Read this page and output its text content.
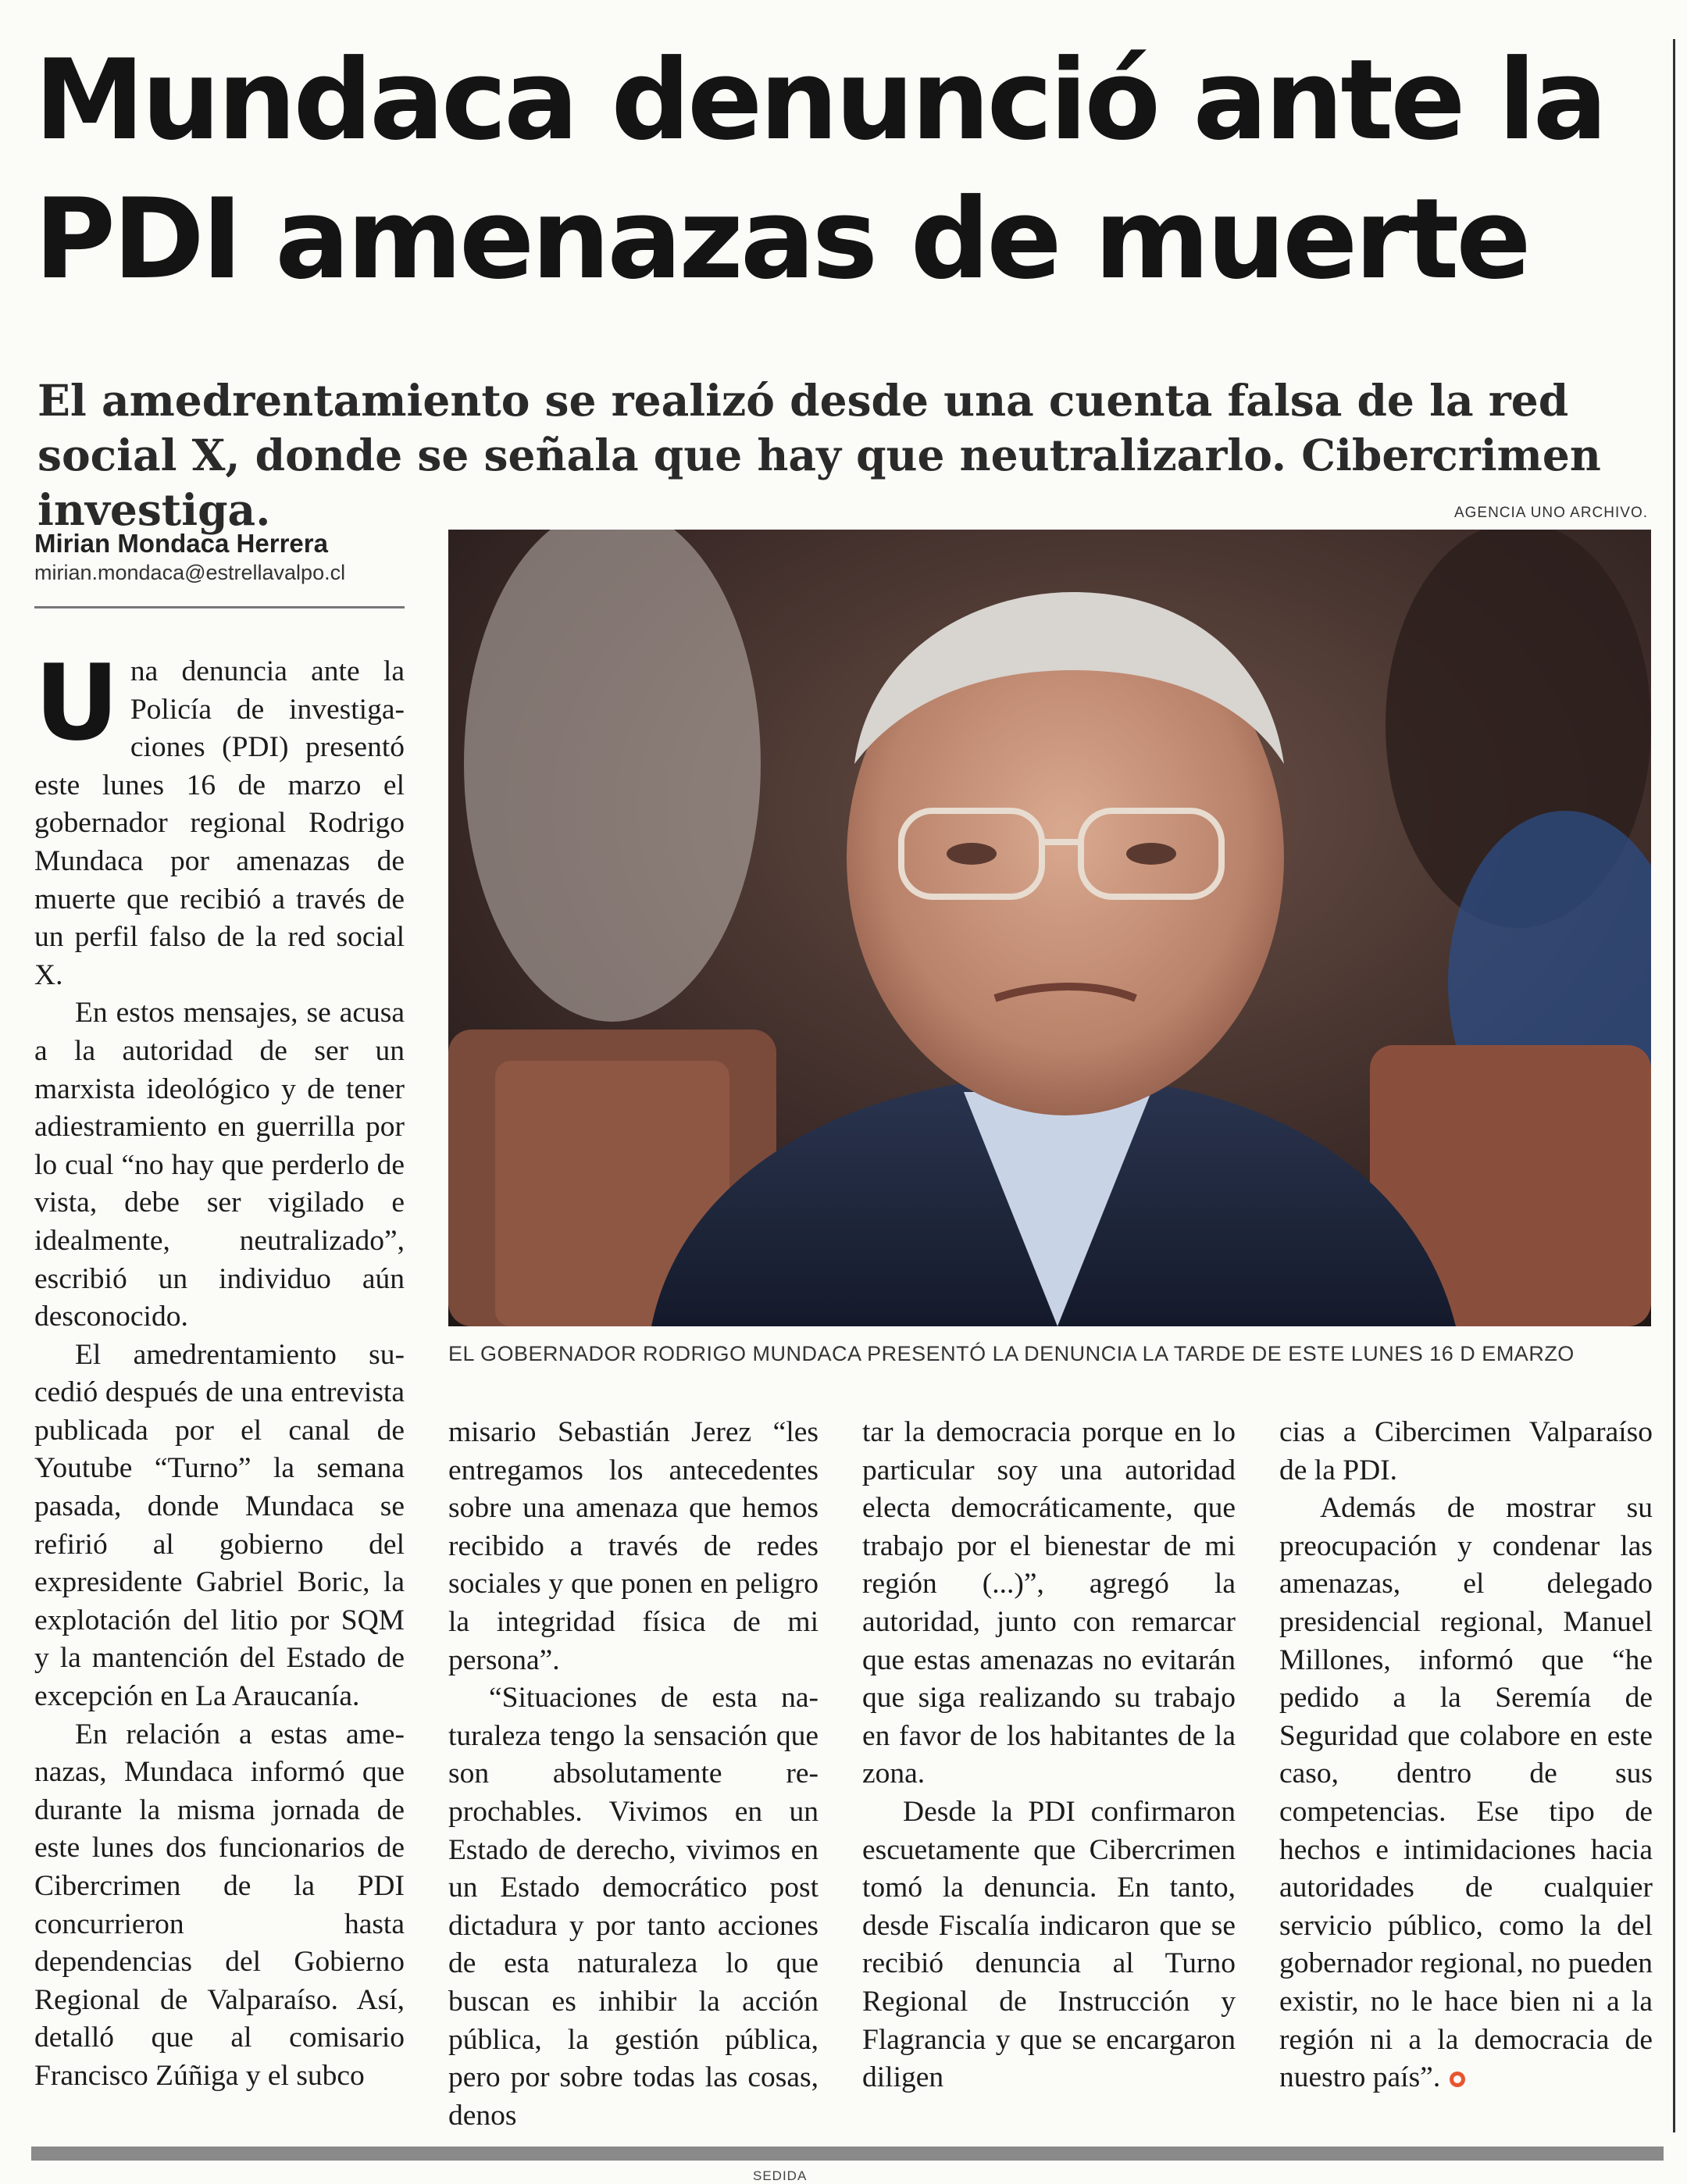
Mundaca denunció ante la PDI amenazas de muerte

El amedrentamiento se realizó desde una cuenta falsa de la red social X, donde se señala que hay que neutralizarlo. Cibercrimen investiga.	AGENCIA UNO ARCHIVO.
Mirian Mondaca Herrera
mirian.mondaca@estrellavalpo.cl
EL GOBERNADOR RODRIGO MUNDACA PRESENTÓ LA DENUNCIA LA TARDE DE ESTE LUNES 16 D EMARZO

Una denuncia ante la Policía de investigaciones (PDI) presentó este lunes 16 de marzo el gobernador regional Rodrigo Mundaca por amenazas de muerte que recibió a través de un perfil falso de la red social X.

En estos mensajes, se acusa a la autoridad de ser un marxista ideológico y de tener adiestramiento en guerrilla por lo cual “no hay que perderlo de vista, debe ser vigilado e idealmente, neutralizado”, escribió un individuo aún desconocido.

El amedrentamiento sucedió después de una entrevista publicada por el canal de Youtube “Turno” la semana pasada, donde Mundaca se refirió al gobierno del expresidente Gabriel Boric, la explotación del litio por SQM y la mantención del Estado de excepción en La Araucanía.

En relación a estas amenazas, Mundaca informó que durante la misma jornada de este lunes dos funcionarios de Cibercrimen de la PDI concurrieron hasta dependencias del Gobierno Regional de Valparaíso. Así, detalló que al comisario Francisco Zúñiga y el subco

misario Sebastián Jerez “les entregamos los antecedentes sobre una amenaza que hemos recibido a través de redes sociales y que ponen en peligro la integridad física de mi persona”.

“Situaciones de esta naturaleza tengo la sensación que son absolutamente reprochables. Vivimos en un Estado de derecho, vivimos en un Estado democrático post dictadura y por tanto acciones de esta naturaleza lo que buscan es inhibir la acción pública, la gestión pública, pero por sobre todas las cosas, denos

tar la democracia porque en lo particular soy una autoridad electa democráticamente, que trabajo por el bienestar de mi región (...)”, agregó la autoridad, junto con remarcar que estas amenazas no evitarán que siga realizando su trabajo en favor de los habitantes de la zona.

Desde la PDI confirmaron escuetamente que Cibercrimen tomó la denuncia. En tanto, desde Fiscalía indicaron que se recibió denuncia al Turno Regional de Instrucción y Flagrancia y que se encargaron diligen

cias a Cibercimen Valparaíso de la PDI.

Además de mostrar su preocupación y condenar las amenazas, el delegado presidencial regional, Manuel Millones, informó que “he pedido a la Seremía de Seguridad que colabore en este caso, dentro de sus competencias. Ese tipo de hechos e intimidaciones hacia autoridades de cualquier servicio público, como la del gobernador regional, no pueden existir, no le hace bien ni a la región ni a la democracia de nuestro país”.

SEDIDA
